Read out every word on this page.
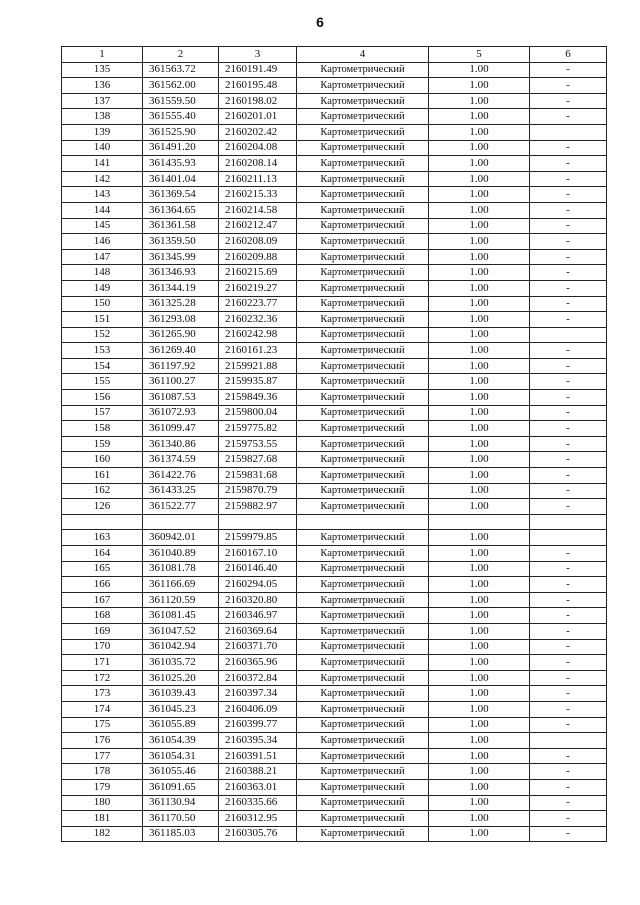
6
1	2	3	4	5	6
135	361563.72	2160191.49	Картометрический	1.00	-
136	361562.00	2160195.48	Картометрический	1.00	-
137	361559.50	2160198.02	Картометрический	1.00	-
138	361555.40	2160201.01	Картометрический	1.00	-
139	361525.90	2160202.42	Картометрический	1.00	
140	361491.20	2160204.08	Картометрический	1.00	-
141	361435.93	2160208.14	Картометрический	1.00	-
142	361401.04	2160211.13	Картометрический	1.00	-
143	361369.54	2160215.33	Картометрический	1.00	-
144	361364.65	2160214.58	Картометрический	1.00	-
145	361361.58	2160212.47	Картометрический	1.00	-
146	361359.50	2160208.09	Картометрический	1.00	-
147	361345.99	2160209.88	Картометрический	1.00	-
148	361346.93	2160215.69	Картометрический	1.00	-
149	361344.19	2160219.27	Картометрический	1.00	-
150	361325.28	2160223.77	Картометрический	1.00	-
151	361293.08	2160232.36	Картометрический	1.00	-
152	361265.90	2160242.98	Картометрический	1.00	
153	361269.40	2160161.23	Картометрический	1.00	-
154	361197.92	2159921.88	Картометрический	1.00	-
155	361100.27	2159935.87	Картометрический	1.00	-
156	361087.53	2159849.36	Картометрический	1.00	-
157	361072.93	2159800.04	Картометрический	1.00	-
158	361099.47	2159775.82	Картометрический	1.00	-
159	361340.86	2159753.55	Картометрический	1.00	-
160	361374.59	2159827.68	Картометрический	1.00	-
161	361422.76	2159831.68	Картометрический	1.00	-
162	361433.25	2159870.79	Картометрический	1.00	-
126	361522.77	2159882.97	Картометрический	1.00	-

163	360942.01	2159979.85	Картометрический	1.00	
164	361040.89	2160167.10	Картометрический	1.00	-
165	361081.78	2160146.40	Картометрический	1.00	-
166	361166.69	2160294.05	Картометрический	1.00	-
167	361120.59	2160320.80	Картометрический	1.00	-
168	361081.45	2160346.97	Картометрический	1.00	-
169	361047.52	2160369.64	Картометрический	1.00	-
170	361042.94	2160371.70	Картометрический	1.00	-
171	361035.72	2160365.96	Картометрический	1.00	-
172	361025.20	2160372.84	Картометрический	1.00	-
173	361039.43	2160397.34	Картометрический	1.00	-
174	361045.23	2160406.09	Картометрический	1.00	-
175	361055.89	2160399.77	Картометрический	1.00	-
176	361054.39	2160395.34	Картометрический	1.00	
177	361054.31	2160391.51	Картометрический	1.00	-
178	361055.46	2160388.21	Картометрический	1.00	-
179	361091.65	2160363.01	Картометрический	1.00	-
180	361130.94	2160335.66	Картометрический	1.00	-
181	361170.50	2160312.95	Картометрический	1.00	-
182	361185.03	2160305.76	Картометрический	1.00	-
